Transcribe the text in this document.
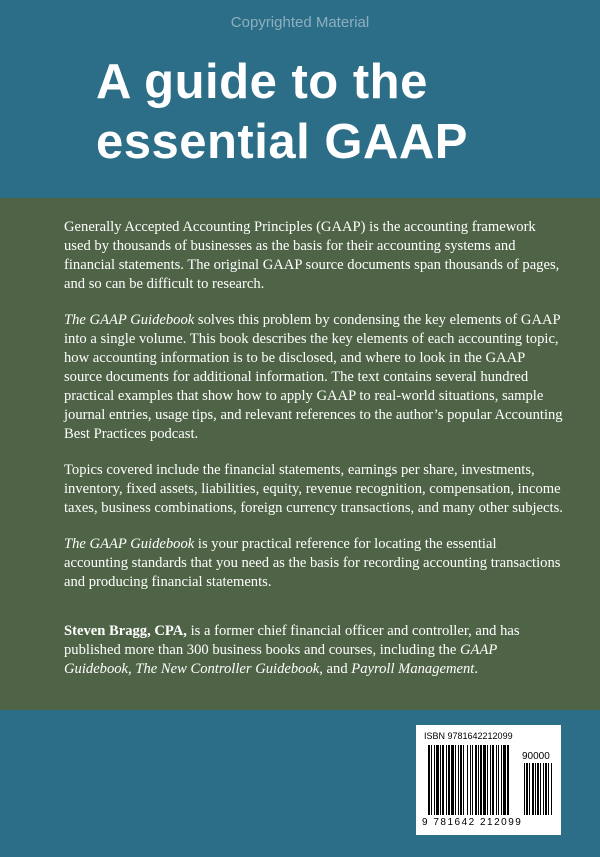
Copyrighted Material
A guide to the
essential GAAP

Generally Accepted Accounting Principles (GAAP) is the accounting framework used by thousands of businesses as the basis for their accounting systems and financial statements. The original GAAP source documents span thousands of pages, and so can be difficult to research.

The GAAP Guidebook solves this problem by condensing the key elements of GAAP into a single volume. This book describes the key elements of each accounting topic, how accounting information is to be disclosed, and where to look in the GAAP source documents for additional information. The text contains several hundred practical examples that show how to apply GAAP to real-world situations, sample journal entries, usage tips, and relevant references to the author’s popular Accounting Best Practices podcast.

Topics covered include the financial statements, earnings per share, investments, inventory, fixed assets, liabilities, equity, revenue recognition, compensation, income taxes, business combinations, foreign currency transactions, and many other subjects.

The GAAP Guidebook is your practical reference for locating the essential accounting standards that you need as the basis for recording accounting transactions and producing financial statements.

Steven Bragg, CPA, is a former chief financial officer and controller, and has published more than 300 business books and courses, including the GAAP Guidebook, The New Controller Guidebook, and Payroll Management.

ISBN 9781642212099
90000
9 781642 212099
